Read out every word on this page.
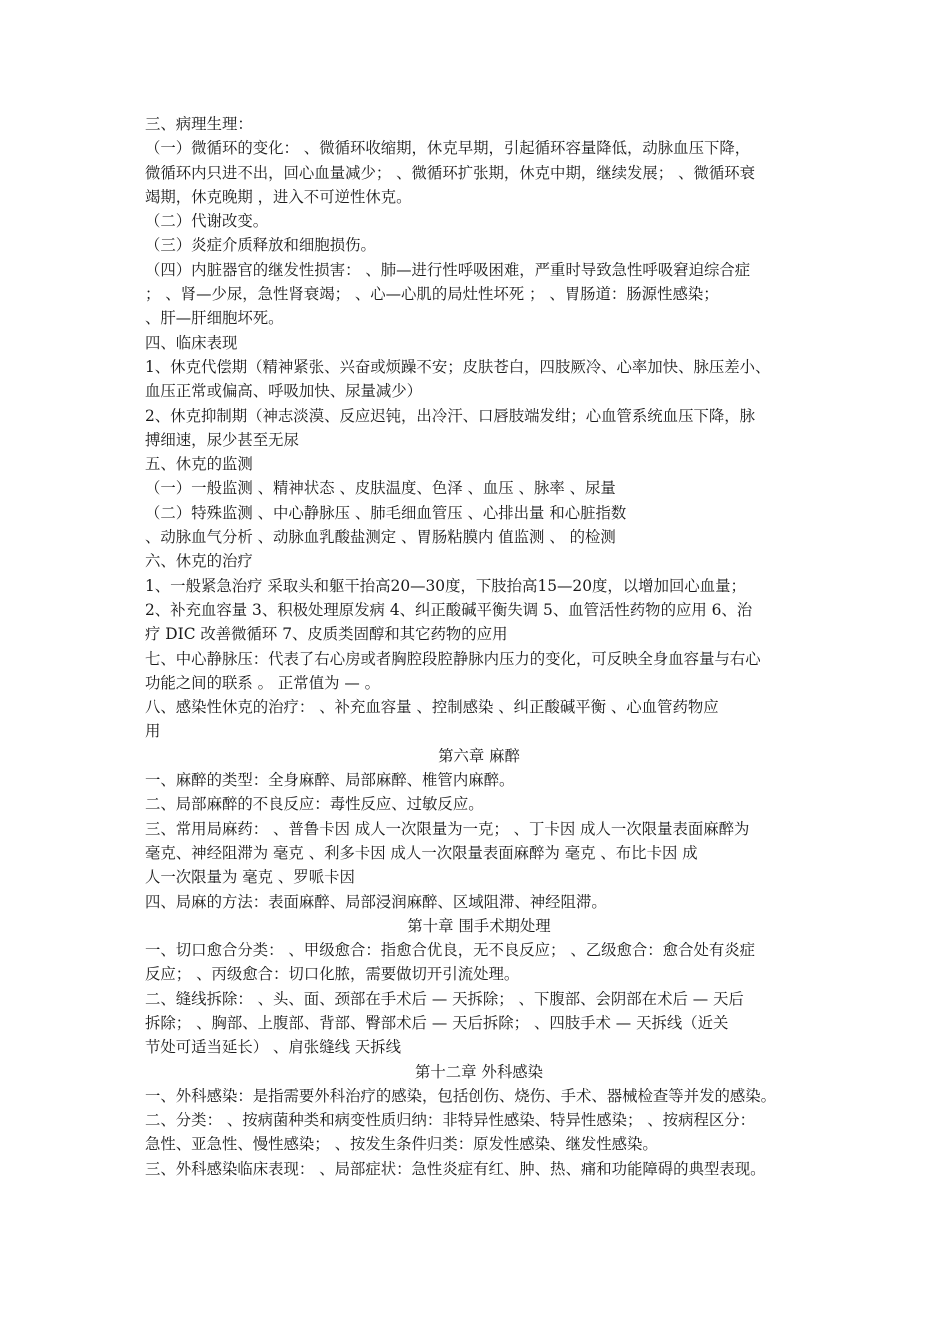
三、病理生理：
（一）微循环的变化： 、微循环收缩期，休克早期，引起循环容量降低，动脉血压下降，
微循环内只进不出，回心血量减少； 、微循环扩张期，休克中期，继续发展； 、微循环衰
竭期，休克晚期 ，进入不可逆性休克。
（二）代谢改变。
（三）炎症介质释放和细胞损伤。
（四）内脏器官的继发性损害： 、肺—进行性呼吸困难，严重时导致急性呼吸窘迫综合症
； 、肾—少尿，急性肾衰竭； 、心—心肌的局灶性坏死 ； 、胃肠道：肠源性感染；
、肝—肝细胞坏死。
四、临床表现
1、休克代偿期（精神紧张、兴奋或烦躁不安；皮肤苍白，四肢厥冷、心率加快、脉压差小、
血压正常或偏高、呼吸加快、尿量减少）
2、休克抑制期（神志淡漠、反应迟钝，出冷汗、口唇肢端发绀；心血管系统血压下降，脉
搏细速，尿少甚至无尿
五、休克的监测
（一）一般监测 、精神状态 、皮肤温度、色泽 、血压 、脉率 、尿量
（二）特殊监测 、中心静脉压 、肺毛细血管压 、心排出量 和心脏指数
、动脉血气分析 、动脉血乳酸盐测定 、胃肠粘膜内 值监测 、 的检测
六、休克的治疗
1、一般紧急治疗 采取头和躯干抬高20—30度，下肢抬高15—20度，以增加回心血量；
2、补充血容量 3、积极处理原发病 4、纠正酸碱平衡失调 5、血管活性药物的应用 6、治
疗 DIC 改善微循环 7、皮质类固醇和其它药物的应用
七、中心静脉压：代表了右心房或者胸腔段腔静脉内压力的变化，可反映全身血容量与右心
功能之间的联系 。 正常值为 — 。
八、感染性休克的治疗： 、补充血容量 、控制感染 、纠正酸碱平衡 、心血管药物应
用
第六章 麻醉
一、麻醉的类型：全身麻醉、局部麻醉、椎管内麻醉。
二、局部麻醉的不良反应：毒性反应、过敏反应。
三、常用局麻药： 、普鲁卡因 成人一次限量为一克； 、丁卡因 成人一次限量表面麻醉为
毫克、神经阻滞为 毫克 、利多卡因 成人一次限量表面麻醉为 毫克 、布比卡因 成
人一次限量为 毫克 、罗哌卡因
四、局麻的方法：表面麻醉、局部浸润麻醉、区域阻滞、神经阻滞。
第十章 围手术期处理
一、切口愈合分类： 、甲级愈合：指愈合优良，无不良反应； 、乙级愈合：愈合处有炎症
反应； 、丙级愈合：切口化脓，需要做切开引流处理。
二、缝线拆除： 、头、面、颈部在手术后 — 天拆除； 、下腹部、会阴部在术后 — 天后
拆除； 、胸部、上腹部、背部、臀部术后 — 天后拆除； 、四肢手术 — 天拆线（近关
节处可适当延长） 、肩张缝线 天拆线
第十二章 外科感染
一、外科感染：是指需要外科治疗的感染，包括创伤、烧伤、手术、器械检查等并发的感染。
二、分类： 、按病菌种类和病变性质归纳：非特异性感染、特异性感染； 、按病程区分：
急性、亚急性、慢性感染； 、按发生条件归类：原发性感染、继发性感染。
三、外科感染临床表现： 、局部症状：急性炎症有红、肿、热、痛和功能障碍的典型表现。
